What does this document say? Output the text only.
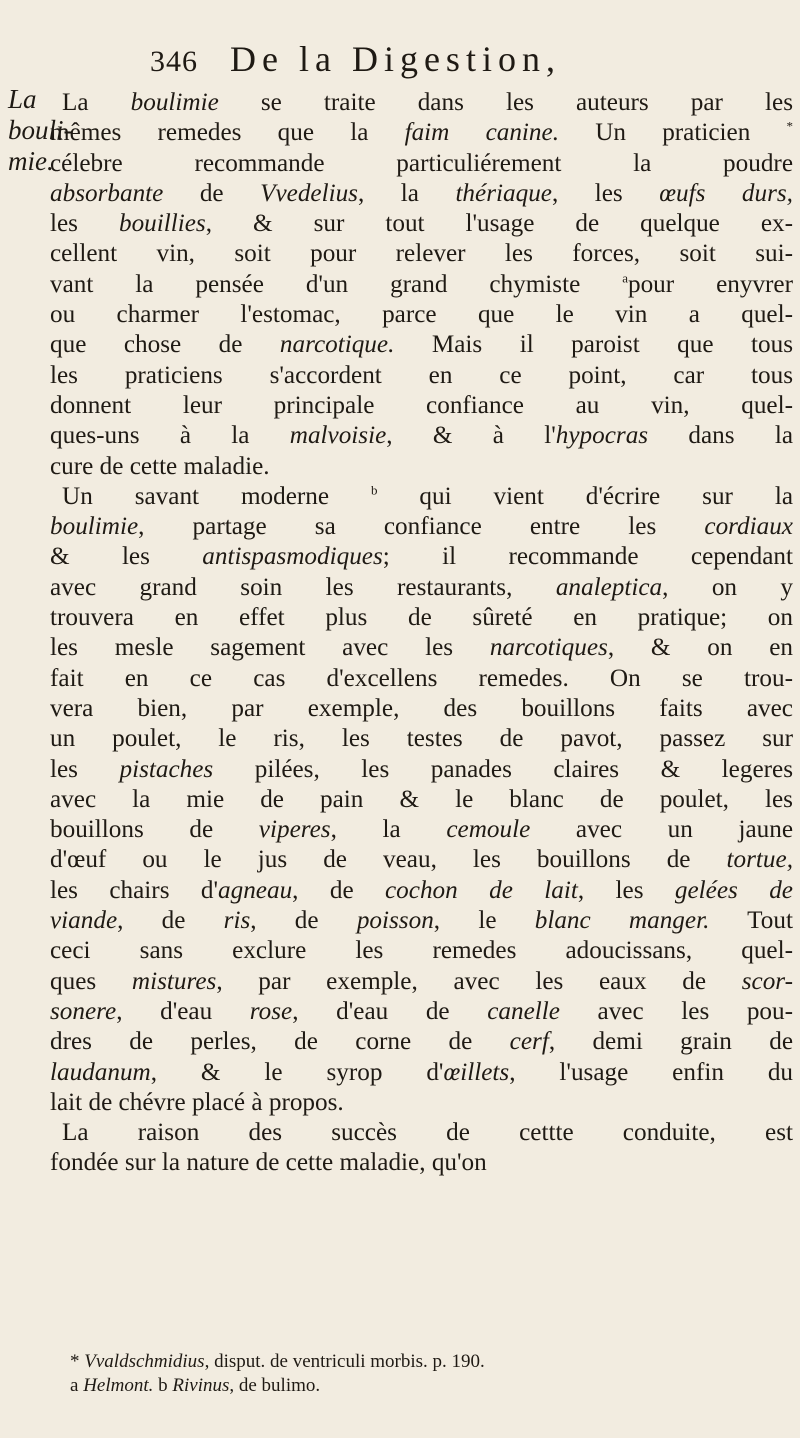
346 De la Digestion,
La
bouli-
mie.
La boulimie se traite dans les auteurs par les
mêmes remedes que la faim canine. Un praticien *
célebre recommande particuliérement la poudre
absorbante de Vvedelius, la thériaque, les œufs durs,
les bouillies, & sur tout l'usage de quelque ex-
cellent vin, soit pour relever les forces, soit sui-
vant la pensée d'un grand chymiste $^a$pour enyvrer
ou charmer l'estomac, parce que le vin a quel-
que chose de narcotique. Mais il paroist que tous
les praticiens s'accordent en ce point, car tous
donnent leur principale confiance au vin, quel-
ques-uns à la malvoisie, & à l'hypocras dans la
cure de cette maladie.
Un savant moderne $^b$ qui vient d'écrire sur la
boulimie, partage sa confiance entre les cordiaux
& les antispasmodiques; il recommande cependant
avec grand soin les restaurants, analeptica, on y
trouvera en effet plus de sûreté en pratique; on
les mesle sagement avec les narcotiques, & on en
fait en ce cas d'excellens remedes. On se trou-
vera bien, par exemple, des bouillons faits avec
un poulet, le ris, les testes de pavot, passez sur
les pistaches pilées, les panades claires & legeres
avec la mie de pain & le blanc de poulet, les
bouillons de viperes, la cemoule avec un jaune
d'œuf ou le jus de veau, les bouillons de tortue,
les chairs d'agneau, de cochon de lait, les gelées de
viande, de ris, de poisson, le blanc manger. Tout
ceci sans exclure les remedes adoucissans, quel-
ques mistures, par exemple, avec les eaux de scor-
sonere, d'eau rose, d'eau de canelle avec les pou-
dres de perles, de corne de cerf, demi grain de
laudanum, & le syrop d'œillets, l'usage enfin du
lait de chévre placé à propos.
La raison des succès de cettte conduite, est
fondée sur la nature de cette maladie, qu'on
* Vvaldschmidius, disput. de ventriculi morbis. p. 190.
a Helmont. b Rivinus, de bulimo.
